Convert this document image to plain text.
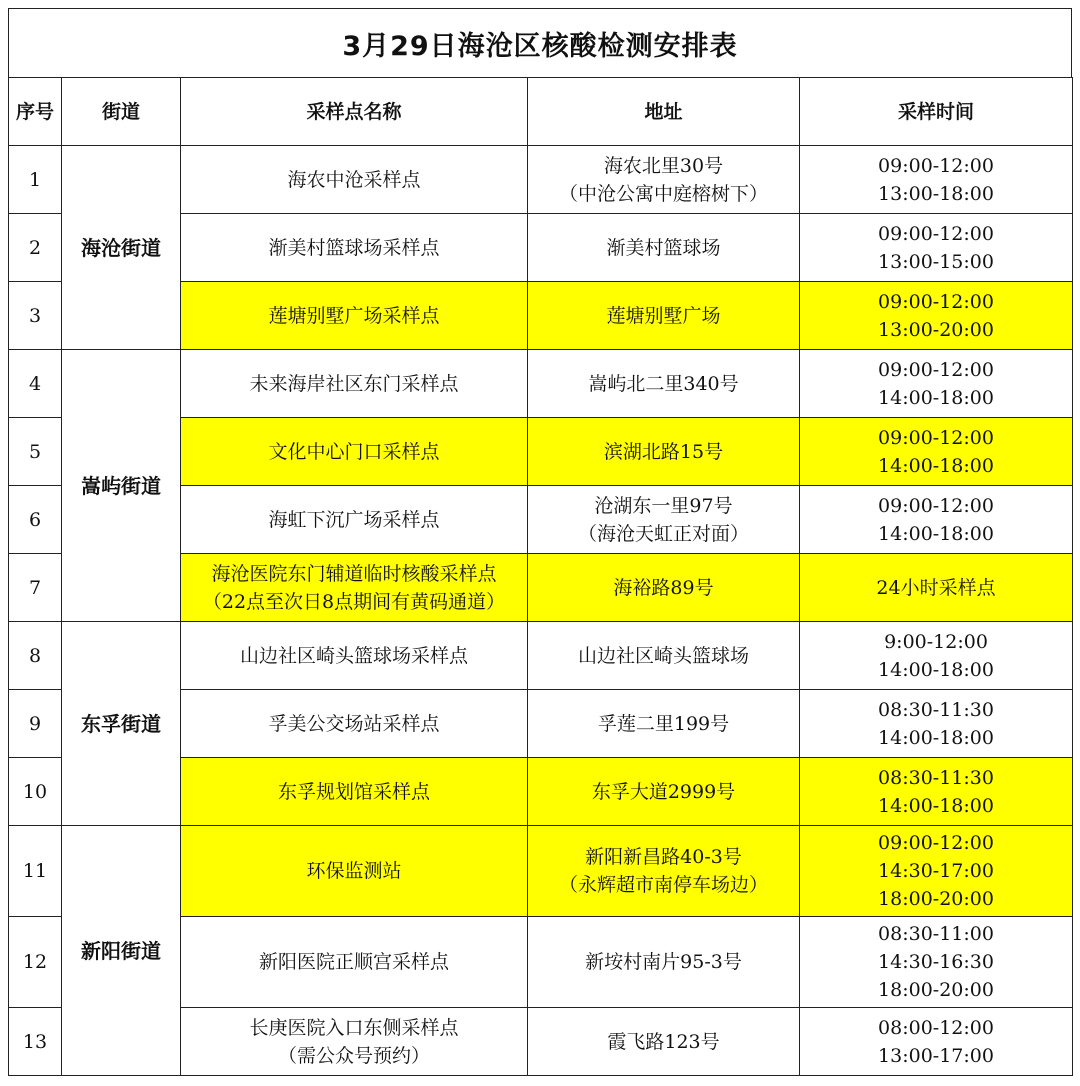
3月29日海沧区核酸检测安排表
序号	街道	采样点名称	地址	采样时间
1	海沧街道	海农中沧采样点	海农北里30号
（中沧公寓中庭榕树下）	09:00-12:00
13:00-18:00

2		渐美村篮球场采样点	渐美村篮球场	09:00-12:00
13:00-15:00

3		莲塘别墅广场采样点	莲塘别墅广场	09:00-12:00
13:00-20:00

4	嵩屿街道	未来海岸社区东门采样点	嵩屿北二里340号	09:00-12:00
14:00-18:00

5		文化中心门口采样点	滨湖北路15号	09:00-12:00
14:00-18:00

6		海虹下沉广场采样点	沧湖东一里97号
（海沧天虹正对面）	09:00-12:00
14:00-18:00

7		海沧医院东门辅道临时核酸采样点
（22点至次日8点期间有黄码通道）	海裕路89号	24小时采样点

8	东孚街道	山边社区崎头篮球场采样点	山边社区崎头篮球场	9:00-12:00
14:00-18:00

9		孚美公交场站采样点	孚莲二里199号	08:30-11:30
14:00-18:00

10		东孚规划馆采样点	东孚大道2999号	08:30-11:30
14:00-18:00

11	新阳街道	环保监测站	新阳新昌路40-3号
（永辉超市南停车场边）	09:00-12:00
14:30-17:00
18:00-20:00

12		新阳医院正顺宫采样点	新垵村南片95-3号	08:30-11:00
14:30-16:30
18:00-20:00

13		长庚医院入口东侧采样点
（需公众号预约）	霞飞路123号	08:00-12:00
13:00-17:00
